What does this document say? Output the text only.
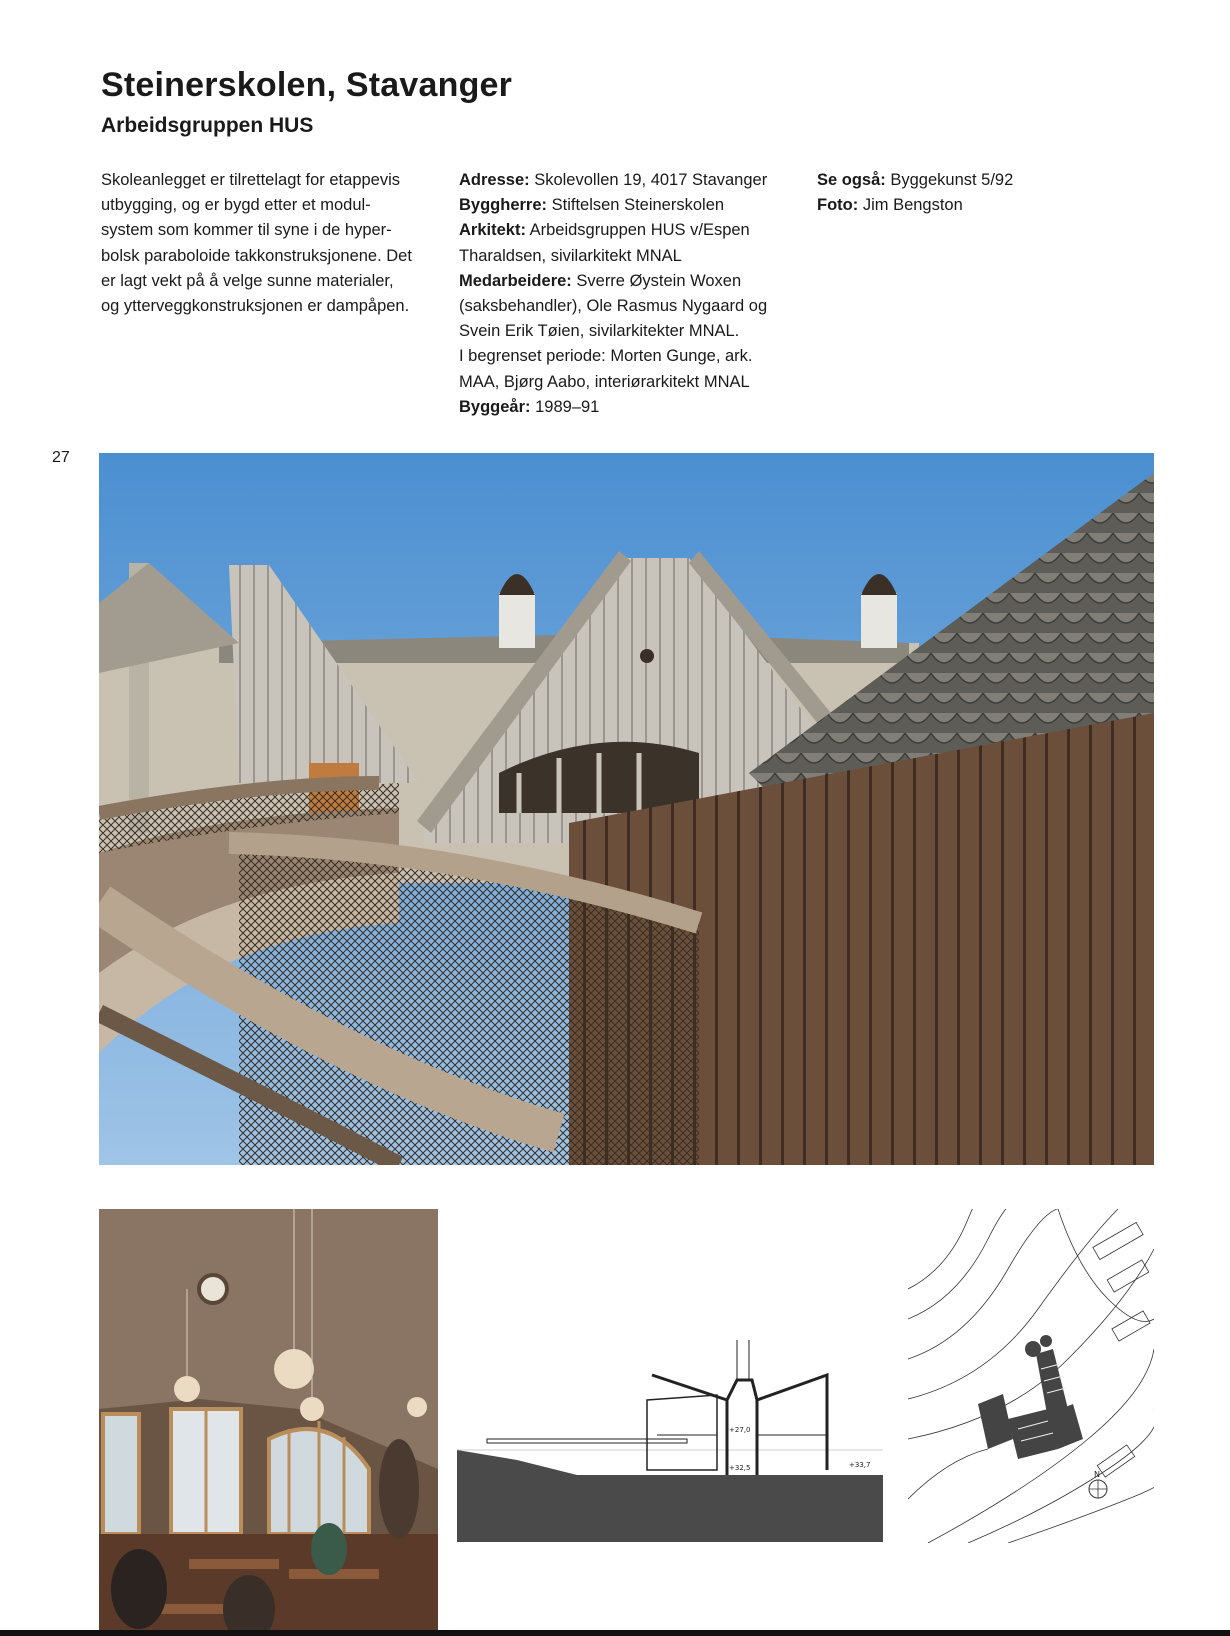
Steinerskolen, Stavanger
Arbeidsgruppen HUS
Skoleanlegget er tilrettelagt for etappevis
utbygging, og er bygd etter et modul-
system som kommer til syne i de hyper-
bolsk paraboloide takkonstruksjonene. Det
er lagt vekt på å velge sunne materialer,
og ytterveggkonstruksjonen er dampåpen.
Adresse: Skolevollen 19, 4017 Stavanger
Byggherre: Stiftelsen Steinerskolen
Arkitekt: Arbeidsgruppen HUS v/Espen
Tharaldsen, sivilarkitekt MNAL
Medarbeidere: Sverre Øystein Woxen
(saksbehandler), Ole Rasmus Nygaard og
Svein Erik Tøien, sivilarkitekter MNAL.
I begrenset periode: Morten Gunge, ark.
MAA, Bjørg Aabo, interiørarkitekt MNAL
Byggeår: 1989–91
Se også: Byggekunst 5/92
Foto: Jim Bengston
27
+27,0
+32,5	+33,7
N
